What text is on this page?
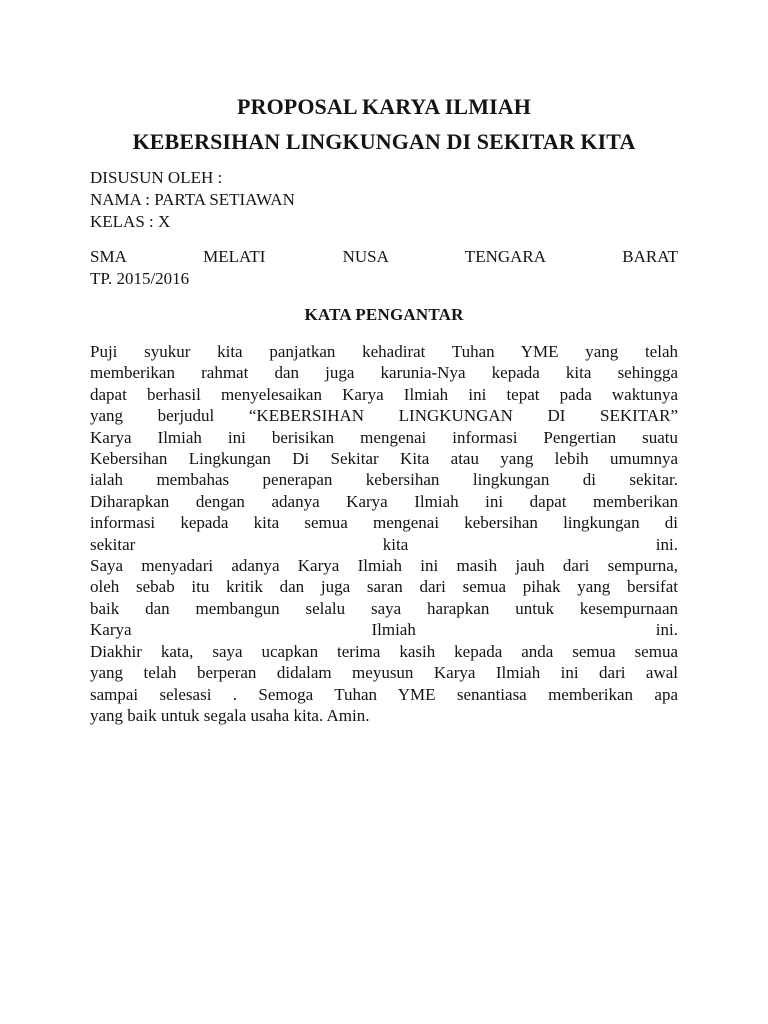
PROPOSAL KARYA ILMIAH
KEBERSIHAN LINGKUNGAN DI SEKITAR KITA
DISUSUN OLEH :
NAMA : PARTA SETIAWAN
KELAS : X
SMA MELATI NUSA TENGARA BARAT
TP. 2015/2016
KATA PENGANTAR
Puji syukur kita panjatkan kehadirat Tuhan YME yang telah
memberikan rahmat dan juga karunia-Nya kepada kita sehingga
dapat berhasil menyelesaikan Karya Ilmiah ini tepat pada waktunya
yang berjudul “KEBERSIHAN LINGKUNGAN DI SEKITAR”
Karya Ilmiah ini berisikan mengenai informasi Pengertian suatu
Kebersihan Lingkungan Di Sekitar Kita atau yang lebih umumnya
ialah membahas penerapan kebersihan lingkungan di sekitar.
Diharapkan dengan adanya Karya Ilmiah ini dapat memberikan
informasi kepada kita semua mengenai kebersihan lingkungan di
sekitar kita ini.
Saya menyadari adanya Karya Ilmiah ini masih jauh dari sempurna,
oleh sebab itu kritik dan juga saran dari semua pihak yang bersifat
baik dan membangun selalu saya harapkan untuk kesempurnaan
Karya Ilmiah ini.
Diakhir kata, saya ucapkan terima kasih kepada anda semua semua
yang telah berperan didalam meyusun Karya Ilmiah ini dari awal
sampai selesasi . Semoga Tuhan YME senantiasa memberikan apa
yang baik untuk segala usaha kita. Amin.
